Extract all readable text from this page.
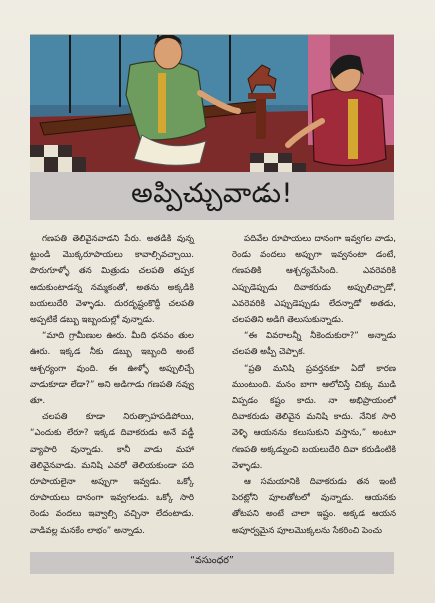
అప్పిచ్చువాడు!

గణపతి తెలివైనవాడని పేరు. అతడికి వున్న ట్టుండి మొక్కరూపాయలు కావాల్సివచ్చాయి. పొరుగూళ్ళో తన మిత్రుడు చలపతి తప్పక ఆదుకుంటాడన్న నమ్మకంతో, అతను అక్కడికి బయలుదేరి వెళ్ళాడు. దురదృష్టంకొద్దీ చలపతి అప్పటికే డబ్బు ఇబ్బందుల్లో వున్నాడు.

“మాది గ్రామీణుల ఊరు. మీది ధనవం తుల ఊరు. ఇక్కడ నీకు డబ్బు ఇబ్బంది అంటే ఆశ్చర్యంగా వుంది. ఈ ఊళ్ళో అప్పులిచ్చే వాడుకూడా లేడా?” అని అడిగాడు గణపతి నవ్వు తూ.

చలపతి కూడా నిరుత్సాహపడిపోయి, “ఎందుకు లేరూ? ఇక్కడ దివాకరుడు అనే వడ్డీ వ్యాపారి వున్నాడు. కానీ వాడు మహా తెలివైనవాడు. మనిషి ఎవరో తెలియకుండా పది రూపాయలైనా అప్పుగా ఇవ్వడు. ఒక్కో రూపాయలు దానంగా ఇవ్వగలడు. ఒక్కో సారి రెండు వందలు ఇవ్వాల్సి వచ్చినా లేదంటాడు. వాడివల్ల మనకేం లాభం” అన్నాడు.

పదివేల రూపాయలు దానంగా ఇవ్వగల వాడు, రెండు వందలు అప్పుగా ఇవ్వనంటా డంటే, గణపతికి ఆశ్చర్యమేసింది. ఎవరెవరికి ఎప్పుడెప్పుడు దివాకరుడు అప్పులిచ్చాడో, ఎవరెవరికి ఎప్పుడెప్పుడు లేదన్నాడో అతడు, చలపతిని అడిగి తెలుసుకున్నాడు.

“ఈ వివరాలన్నీ నీకెందుకురా?” అన్నాడు చలపతి అప్పీ చెప్పాక.

“ప్రతి మనిషి ప్రవర్తనకూ ఏదో కారణ ముంటుంది. మనం బాగా ఆలోచిస్తే చిక్కు ముడి విప్పడం కష్టం కాదు. నా అభిప్రాయంలో దివాకరుడు తెలివైన మనిషి కాదు. నేనిక సారి వెళ్ళి ఆయనను కలుసుకుని వస్తాను,” అంటూ గణపతి అక్కడ్నుంచి బయలుదేరి దివా కరుడింటికి వెళ్ళాడు.

ఆ సమయానికి దివాకరుడు తన ఇంటి పెరట్లోని పూలతోటలో వున్నాడు. ఆయనకు తోటపని అంటే చాలా ఇష్టం. అక్కడ ఆయన అపూర్వమైన పూలమొక్కలను సేకరించి పెంచు

“వసుంధర”
